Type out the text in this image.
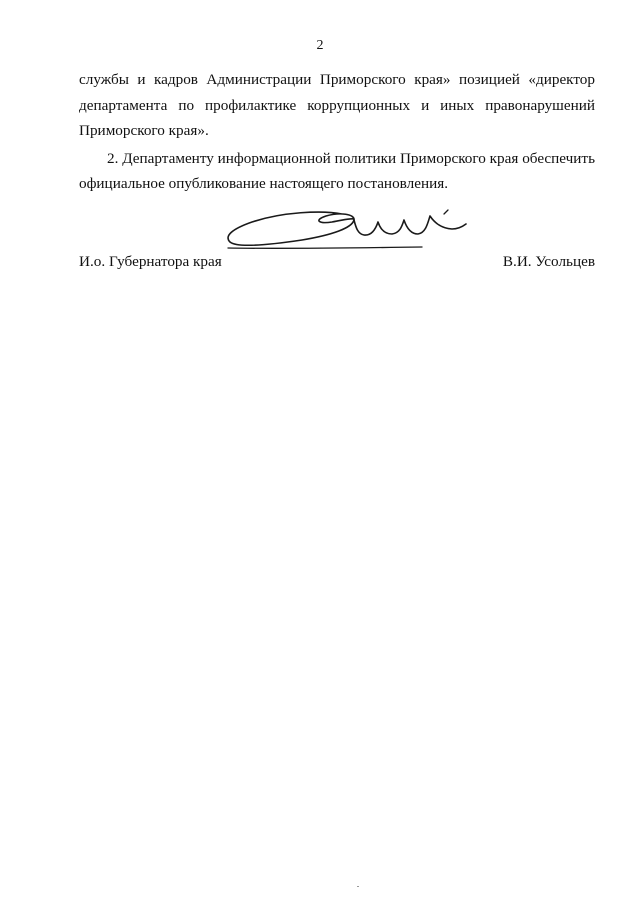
2
службы и кадров Администрации Приморского края» позицией «директор
департамента по профилактике коррупционных и иных правонарушений
Приморского края».
2. Департаменту информационной политики Приморского края обеспечить
официальное опубликование настоящего постановления.
И.о. Губернатора края	В.И. Усольцев
